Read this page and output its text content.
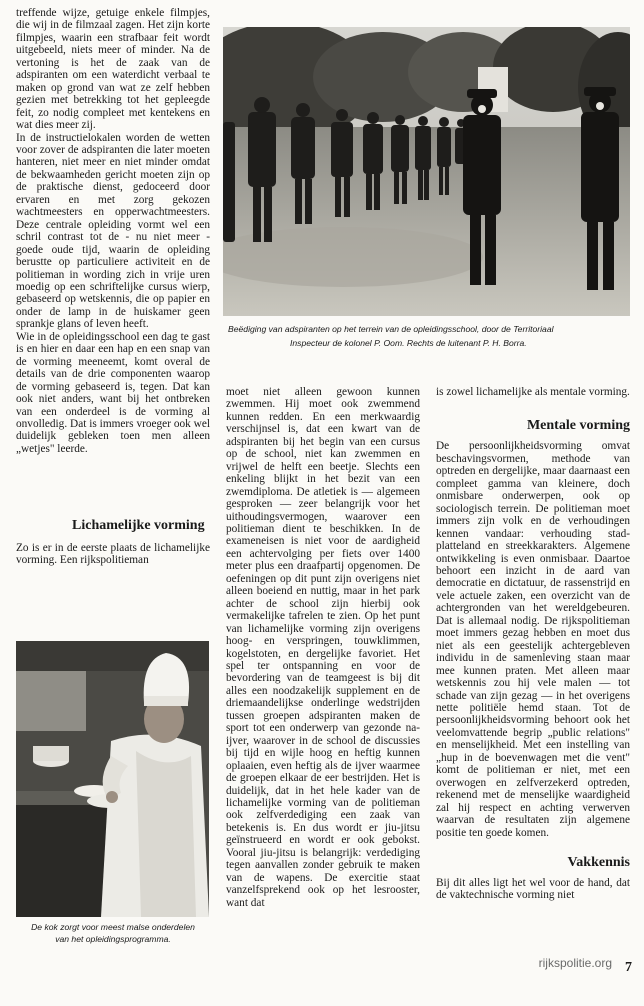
treffende wijze, getuige enkele filmpjes, die wij in de filmzaal zagen. Het zijn korte filmpjes, waarin een strafbaar feit wordt uitgebeeld, niets meer of minder. Na de vertoning is het de zaak van de adspiranten om een waterdicht verbaal te maken op grond van wat ze zelf hebben gezien met betrekking tot het gepleegde feit, zo nodig compleet met kentekens en wat dies meer zij.

In de instructielokalen worden de wetten voor zover de adspiranten die later moeten hanteren, niet meer en niet minder omdat de bekwaamheden gericht moeten zijn op de praktische dienst, gedoceerd door ervaren en met zorg gekozen wachtmeesters en opperwachtmeesters. Deze centrale opleiding vormt wel een schril contrast tot de - nu niet meer - goede oude tijd, waarin de opleiding berustte op particuliere activiteit en de politieman in wording zich in vrije uren moedig op een schriftelijke cursus wierp, gebaseerd op wetskennis, die op papier en onder de lamp in de huiskamer geen sprankje glans of leven heeft.

Wie in de opleidingsschool een dag te gast is en hier en daar een hap en een snap van de vorming meeneemt, komt overal de details van de drie componenten waarop de vorming gebaseerd is, tegen. Dat kan ook niet anders, want bij het ontbreken van een onderdeel is de vorming al onvolledig. Dat is immers vroeger ook wel duidelijk gebleken toen men alleen „wetjes" leerde.

Lichamelijke vorming
Zo is er in de eerste plaats de lichamelijke vorming. Een rijkspolitieman
Beëdiging van adspiranten op het terrein van de opleidingsschool, door de Territoriaal
Inspecteur de kolonel P. Oom. Rechts de luitenant P. H. Borra.
De kok zorgt voor meest malse onderdelen
van het opleidingsprogramma.
moet niet alleen gewoon kunnen zwemmen. Hij moet ook zwemmend kunnen redden. En een merkwaardig verschijnsel is, dat een kwart van de adspiranten bij het begin van een cursus op de school, niet kan zwemmen en vrijwel de helft een beetje. Slechts een enkeling blijkt in het bezit van een zwemdiploma. De atletiek is — algemeen gesproken — zeer belangrijk voor het uithoudingsvermogen, waarover een politieman dient te beschikken. In de exameneisen is niet voor de aardigheid een achtervolging per fiets over 1400 meter plus een draafpartij opgenomen. De oefeningen op dit punt zijn overigens niet alleen boeiend en nuttig, maar in het park achter de school zijn hierbij ook vermakelijke tafrelen te zien. Op het punt van lichamelijke vorming zijn overigens hoog- en verspringen, touwklimmen, kogelstoten, en dergelijke favoriet. Het spel ter ontspanning en voor de bevordering van de teamgeest is bij dit alles een noodzakelijk supplement en de driemaandelijkse onderlinge wedstrijden tussen groepen adspiranten maken de sport tot een onderwerp van gezonde na-ijver, waarover in de school de discussies bij tijd en wijle hoog en heftig kunnen oplaaien, even heftig als de ijver waarmee de groepen elkaar de eer bestrijden. Het is duidelijk, dat in het hele kader van de lichamelijke vorming van de politieman ook zelfverdediging een zaak van betekenis is. En dus wordt er jiu-jitsu geïnstrueerd en wordt er ook gebokst. Vooral jiu-jitsu is belangrijk: verdediging tegen aanvallen zonder gebruik te maken van de wapens. De exercitie staat vanzelfsprekend ook op het lesrooster, want dat
is zowel lichamelijke als mentale vorming.
Mentale vorming
De persoonlijkheidsvorming omvat beschavingsvormen, methode van optreden en dergelijke, maar daarnaast een compleet gamma van kleinere, doch onmisbare onderwerpen, ook op sociologisch terrein. De politieman moet immers zijn volk en de verhoudingen kennen vandaar: verhouding stad-platteland en streekkarakters. Algemene ontwikkeling is even onmisbaar. Daartoe behoort een inzicht in de aard van democratie en dictatuur, de rassenstrijd en vele actuele zaken, een overzicht van de achtergronden van het wereldgebeuren. Dat is allemaal nodig. De rijkspolitieman moet immers gezag hebben en moet dus niet als een geestelijk achtergebleven individu in de samenleving staan maar mee kunnen praten. Met alleen maar wetskennis zou hij vele malen — tot schade van zijn gezag — in het overigens nette politiële hemd staan. Tot de persoonlijkheidsvorming behoort ook het veelomvattende begrip „public relations" en menselijkheid. Met een instelling van „hup in de boevenwagen met die vent" komt de politieman er niet, met een overwogen en zelfverzekerd optreden, rekenend met de menselijke waardigheid zal hij respect en achting verwerven waarvan de resultaten zijn algemene positie ten goede komen.
Vakkennis
Bij dit alles ligt het wel voor de hand, dat de vaktechnische vorming niet
rijkspolitie.org 7
